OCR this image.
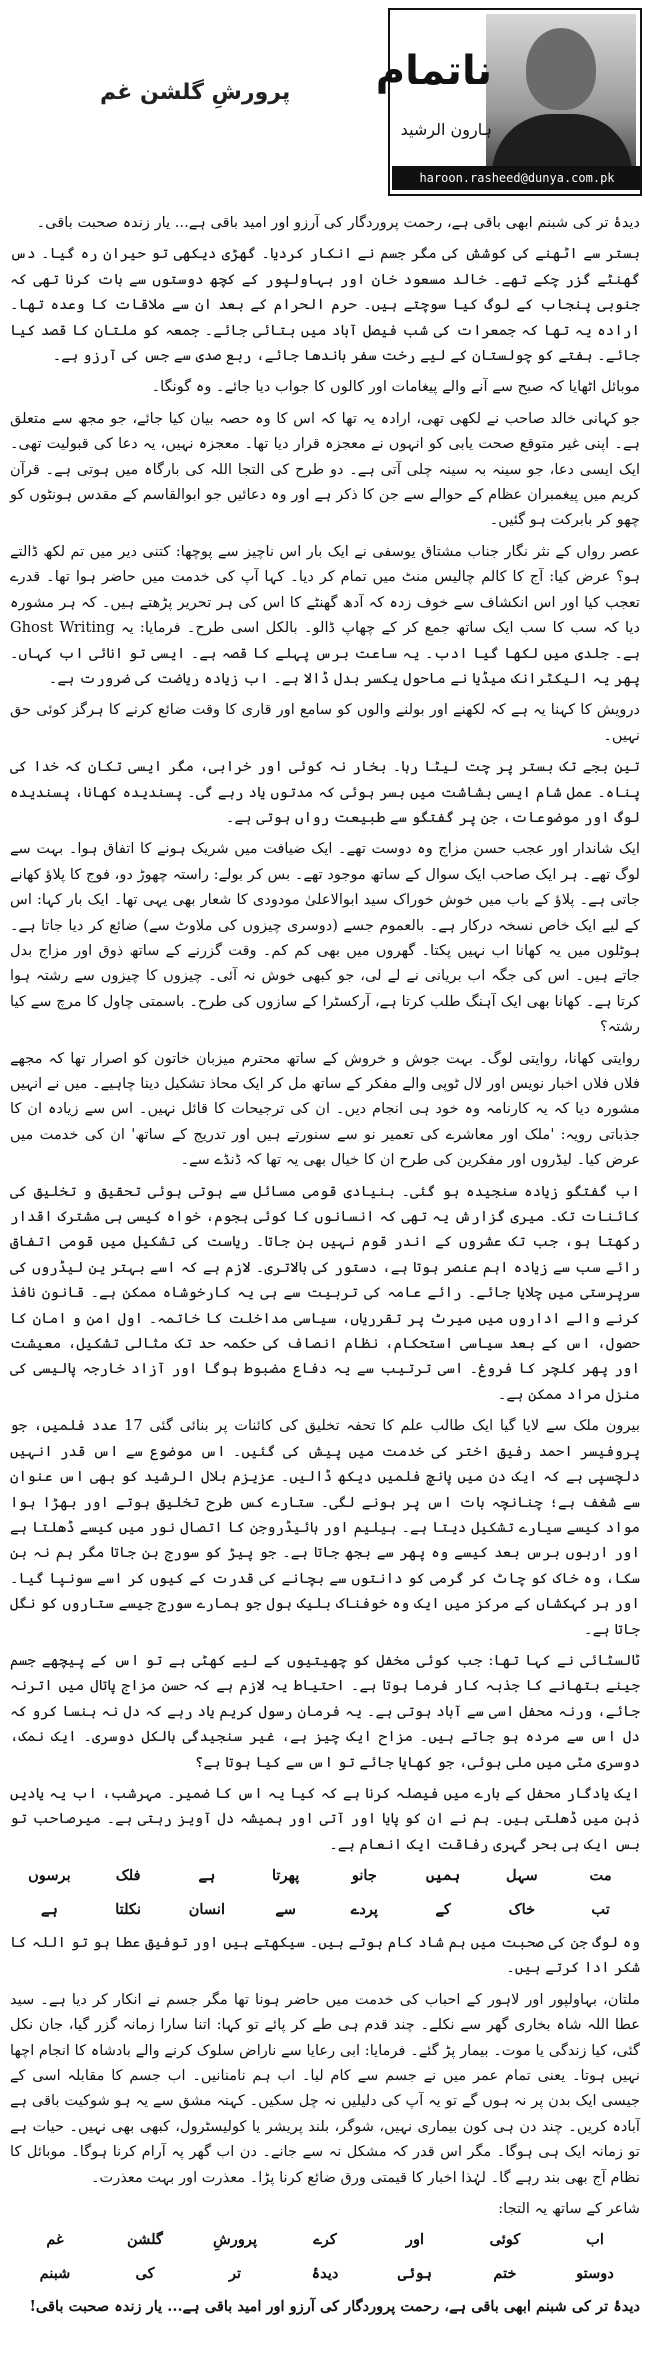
پرورشِ گلشن غم ناتمام
ہارون الرشید
haroon.rasheed@dunya.com.pk

دیدۂ تر کی شبنم ابھی باقی ہے، رحمت پروردگار کی آرزو اور امید باقی ہے... یار زندہ صحبت باقی۔

بستر سے اٹھنے کی کوشش کی مگر جسم نے انکار کردیا۔ گھڑی دیکھی تو حیران رہ گیا۔ دس گھنٹے گزر چکے تھے۔ خالد مسعود خان اور بہاولپور کے کچھ دوستوں سے بات کرنا تھی کہ جنوبی پنجاب کے لوگ کیا سوچتے ہیں۔ حرم الحرام کے بعد ان سے ملاقات کا وعدہ تھا۔ ارادہ یہ تھا کہ جمعرات کی شب فیصل آباد میں بتائی جائے۔ جمعہ کو ملتان کا قصد کیا جائے۔ ہفتے کو چولستان کے لیے رخت سفر باندھا جائے، ربع صدی سے جس کی آرزو ہے۔

موبائل اٹھایا کہ صبح سے آنے والے پیغامات اور کالوں کا جواب دیا جائے۔ وہ گونگا۔

جو کہانی خالد صاحب نے لکھی تھی، ارادہ یہ تھا کہ اس کا وہ حصہ بیان کیا جائے، جو مجھ سے متعلق ہے۔ اپنی غیر متوقع صحت یابی کو انہوں نے معجزہ قرار دیا تھا۔ معجزہ نہیں، یہ دعا کی قبولیت تھی۔ ایک ایسی دعا، جو سینہ بہ سینہ چلی آتی ہے۔ دو طرح کی التجا اللہ کی بارگاہ میں ہوتی ہے۔ قرآن کریم میں پیغمبران عظام کے حوالے سے جن کا ذکر ہے اور وہ دعائیں جو ابوالقاسم کے مقدس ہونٹوں کو چھو کر بابرکت ہو گئیں۔

عصر رواں کے نثر نگار جناب مشتاق یوسفی نے ایک بار اس ناچیز سے پوچھا: کتنی دیر میں تم لکھ ڈالتے ہو؟ عرض کیا: آج کا کالم چالیس منٹ میں تمام کر دیا۔ کہا آپ کی خدمت میں حاضر ہوا تھا۔ قدرے تعجب کیا اور اس انکشاف سے خوف زدہ کہ آدھ گھنٹے کا اس کی ہر تحریر پڑھتے ہیں۔ کہ ہر مشورہ دیا کہ سب کا سب ایک ساتھ جمع کر کے چھاپ ڈالو۔ بالکل اسی طرح۔ فرمایا: یہ Ghost Writing ہے۔ جلدی میں لکھا گیا ادب۔ یہ ساعت برس پہلے کا قصہ ہے۔ ایسی تو انائی اب کہاں۔ پھر یہ الیکٹرانک میڈیا نے ماحول یکسر بدل ڈالا ہے۔ اب زیادہ ریاضت کی ضرورت ہے۔

درویش کا کہنا یہ ہے کہ لکھنے اور بولنے والوں کو سامع اور قاری کا وقت ضائع کرنے کا ہرگز کوئی حق نہیں۔

تین بجے تک بستر پر چت لیٹا رہا۔ بخار نہ کوئی اور خرابی، مگر ایسی تکان کہ خدا کی پناہ۔ عمل شام ایسی بشاشت میں بسر ہوئی کہ مدتوں یاد رہے گی۔ پسندیدہ کھانا، پسندیدہ لوگ اور موضوعات، جن پر گفتگو سے طبیعت رواں ہوتی ہے۔

ایک شاندار اور عجب حسن مزاج وہ دوست تھے۔ ایک ضیافت میں شریک ہونے کا اتفاق ہوا۔ بہت سے لوگ تھے۔ ہر ایک صاحب ایک سوال کے ساتھ موجود تھے۔ بس کر بولے: راستہ چھوڑ دو، فوج کا پلاؤ کھانے جاتی ہے۔ پلاؤ کے باب میں خوش خوراک سید ابوالاعلیٰ مودودی کا شعار بھی یہی تھا۔ ایک بار کہا: اس کے لیے ایک خاص نسخہ درکار ہے۔ بالعموم جسے (دوسری چیزوں کی ملاوٹ سے) ضائع کر دیا جاتا ہے۔ ہوٹلوں میں یہ کھانا اب نہیں پکتا۔ گھروں میں بھی کم کم۔ وقت گزرنے کے ساتھ ذوق اور مزاج بدل جاتے ہیں۔ اس کی جگہ اب بریانی نے لے لی، جو کبھی خوش نہ آئی۔ چیزوں کا چیزوں سے رشتہ ہوا کرتا ہے۔ کھانا بھی ایک آہنگ طلب کرتا ہے، آرکسٹرا کے سازوں کی طرح۔ باسمتی چاول کا مرچ سے کیا رشتہ؟

روایتی کھانا، روایتی لوگ۔ بہت جوش و خروش کے ساتھ محترم میزبان خاتون کو اصرار تھا کہ مجھے فلاں فلاں اخبار نویس اور لال ٹوپی والے مفکر کے ساتھ مل کر ایک محاذ تشکیل دینا چاہیے۔ میں نے انہیں مشورہ دیا کہ یہ کارنامہ وہ خود ہی انجام دیں۔ ان کی ترجیحات کا قائل نہیں۔ اس سے زیادہ ان کا جذباتی رویہ: 'ملک اور معاشرے کی تعمیر نو سے سنورتے ہیں اور تدریج کے ساتھ' ان کی خدمت میں عرض کیا۔ لیڈروں اور مفکرین کی طرح ان کا خیال بھی یہ تھا کہ ڈنڈے سے۔

اب گفتگو زیادہ سنجیدہ ہو گئی۔ بنیادی قومی مسائل سے ہوتی ہوئی تحقیق و تخلیق کی کائنات تک۔ میری گزارش یہ تھی کہ انسانوں کا کوئی ہجوم، خواہ کیسی ہی مشترک اقدار رکھتا ہو، جب تک عشروں کے اندر قوم نہیں بن جاتا۔ ریاست کی تشکیل میں قومی اتفاق رائے سب سے زیادہ اہم عنصر ہوتا ہے، دستور کی بالاتری۔ لازم ہے کہ اسے بہتر ین لیڈروں کی سرپرستی میں چلایا جائے۔ رائے عامہ کی تربیت سے ہی یہ کارخوشاہ ممکن ہے۔ قانون نافذ کرنے والے اداروں میں میرٹ پر تقرریاں، سیاسی مداخلت کا خاتمہ۔ اول امن و امان کا حصول، اس کے بعد سیاسی استحکام، نظام انصاف کی حکمہ حد تک مثالی تشکیل، معیشت اور پھر کلچر کا فروغ۔ اسی ترتیب سے یہ دفاع مضبوط ہوگا اور آزاد خارجہ پالیسی کی منزل مراد ممکن ہے۔

بیرون ملک سے لایا گیا ایک طالب علم کا تحفہ تخلیق کی کائنات پر بنائی گئی 17 عدد فلمیں، جو پروفیسر احمد رفیق اختر کی خدمت میں پیش کی گئیں۔ اس موضوع سے اس قدر انہیں دلچسپی ہے کہ ایک دن میں پانچ فلمیں دیکھ ڈالیں۔ عزیزم بلال الرشید کو بھی اس عنوان سے شغف ہے؛ چنانچہ بات اس پر ہونے لگی۔ ستارے کس طرح تخلیق ہوتے اور بھڑا ہوا مواد کیسے سیارے تشکیل دیتا ہے۔ ہیلیم اور ہائیڈروجن کا اتصال نور میں کیسے ڈھلتا ہے اور اربوں برس بعد کیسے وہ پھر سے بجھ جاتا ہے۔ جو پیڑ کو سورج بن جاتا مگر ہم نہ بن سکا، وہ خاک کو چاٹ کر گرمی کو دانتوں سے بچانے کی قدرت کے کیوں کر اسے سونپا گیا۔ اور ہر کہکشاں کے مرکز میں ایک وہ خوفناک بلیک ہول جو ہمارے سورج جیسے ستاروں کو نگل جاتا ہے۔

ٹالسٹائی نے کہا تھا: جب کوئی مخفل کو چھیتیوں کے لیے کھٹی ہے تو اس کے پیچھے جسم جینے بتھانے کا جذبہ کار فرما ہوتا ہے۔ احتیاط یہ لازم ہے کہ حسن مزاج پاتال میں اترنہ جائے، ورنہ محفل اسی سے آباد ہوتی ہے۔ یہ فرمان رسول کریم یاد رہے کہ دل نہ ہنسا کرو کہ دل اس سے مردہ ہو جاتے ہیں۔ مزاح ایک چیز ہے، غیر سنجیدگی بالکل دوسری۔ ایک نمک، دوسری مٹی میں ملی ہوئی، جو کھایا جائے تو اس سے کیا ہوتا ہے؟

ایک یادگار محفل کے بارے میں فیصلہ کرنا ہے کہ کیا یہ اس کا ضمیر۔ مہرشب، اب یہ یادیں ذہن میں ڈھلتی ہیں۔ ہم نے ان کو پایا اور آتی اور ہمیشہ دل آویز رہتی ہے۔ میرصاحب تو بس ایک ہی بحر گہری رفاقت ایک انعام ہے۔

مت
سہل
ہمیں
جانو
پھرتا
ہے
فلک
برسوں
تب
خاک
کے
پردے
سے
انسان
نکلتا
ہے

وہ لوگ جن کی صحبت میں ہم شاد کام ہوتے ہیں۔ سیکھتے ہیں اور توفیق عطا ہو تو اللہ کا شکر ادا کرتے ہیں۔

ملتان، بہاولپور اور لاہور کے احباب کی خدمت میں حاضر ہونا تھا مگر جسم نے انکار کر دیا ہے۔ سید عطا اللہ شاہ بخاری گھر سے نکلے۔ چند قدم ہی طے کر پائے تو کہا: اتنا سارا زمانہ گزر گیا، جان نکل گئی، کیا زندگی یا موت۔ بیمار پڑ گئے۔ فرمایا: ابی رعایا سے ناراض سلوک کرنے والے بادشاہ کا انجام اچھا نہیں ہوتا۔ یعنی تمام عمر میں نے جسم سے کام لیا۔ اب ہم نامنانیں۔ اب جسم کا مقابلہ اسی کے جیسی ایک بدن پر نہ ہوں گے تو یہ آپ کی دلیلیں نہ چل سکیں۔ کہنہ مشق سے یہ ہو شوکیت باقی ہے آبادہ کریں۔ چند دن ہی کون بیماری نہیں، شوگر، بلند پریشر یا کولیسٹرول، کبھی بھی نہیں۔ حیات ہے تو زمانہ ایک ہی ہوگا۔ مگر اس قدر کہ مشکل نہ سے جانے۔ دن اب گھر پہ آرام کرنا ہوگا۔ موبائل کا نظام آج بھی بند رہے گا۔ لہٰذا اخبار کا قیمتی ورق ضائع کرنا پڑا۔ معذرت اور بہت معذرت۔

شاعر کے ساتھ یہ التجا:

اب
کوئی
اور
کرے
پرورشِ
گلشن
غم
دوستو
ختم
ہوئی
دیدۂ
تر
کی
شبنم

دیدۂ تر کی شبنم ابھی باقی ہے، رحمت پروردگار کی آرزو اور امید باقی ہے... یار زندہ صحبت باقی!
